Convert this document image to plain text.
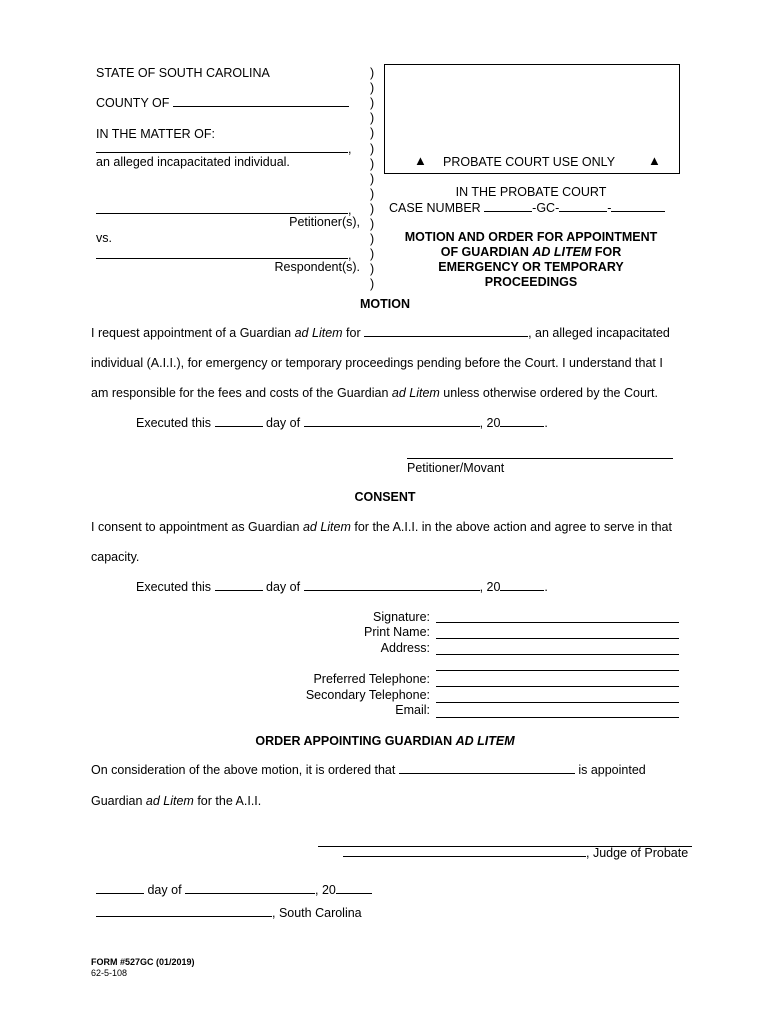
STATE OF SOUTH CAROLINA
COUNTY OF
IN THE MATTER OF:
,
an alleged incapacitated individual.
,
Petitioner(s),
vs.
,
Respondent(s).
)
)
)
)
)
)
)
)
)
)
)
)
)
)
)
▲ PROBATE COURT USE ONLY	▲
IN THE PROBATE COURT
CASE NUMBER	-GC-	-
MOTION AND ORDER FOR APPOINTMENT
OF GUARDIAN AD LITEM FOR
EMERGENCY OR TEMPORARY
PROCEEDINGS
MOTION
I request appointment of a Guardian ad Litem for	, an alleged incapacitated
individual (A.I.I.), for emergency or temporary proceedings pending before the Court. I understand that I
am responsible for the fees and costs of the Guardian ad Litem unless otherwise ordered by the Court.
Executed this	day of	, 20	.
Petitioner/Movant
CONSENT
I consent to appointment as Guardian ad Litem for the A.I.I. in the above action and agree to serve in that
capacity.
Executed this	day of	, 20	.
Signature:
Print Name:
Address:
Preferred Telephone:
Secondary Telephone:
Email:
ORDER APPOINTING GUARDIAN AD LITEM
On consideration of the above motion, it is ordered that	is appointed
Guardian ad Litem for the A.I.I.
, Judge of Probate
day of	, 20
, South Carolina
FORM #527GC (01/2019)
62-5-108
